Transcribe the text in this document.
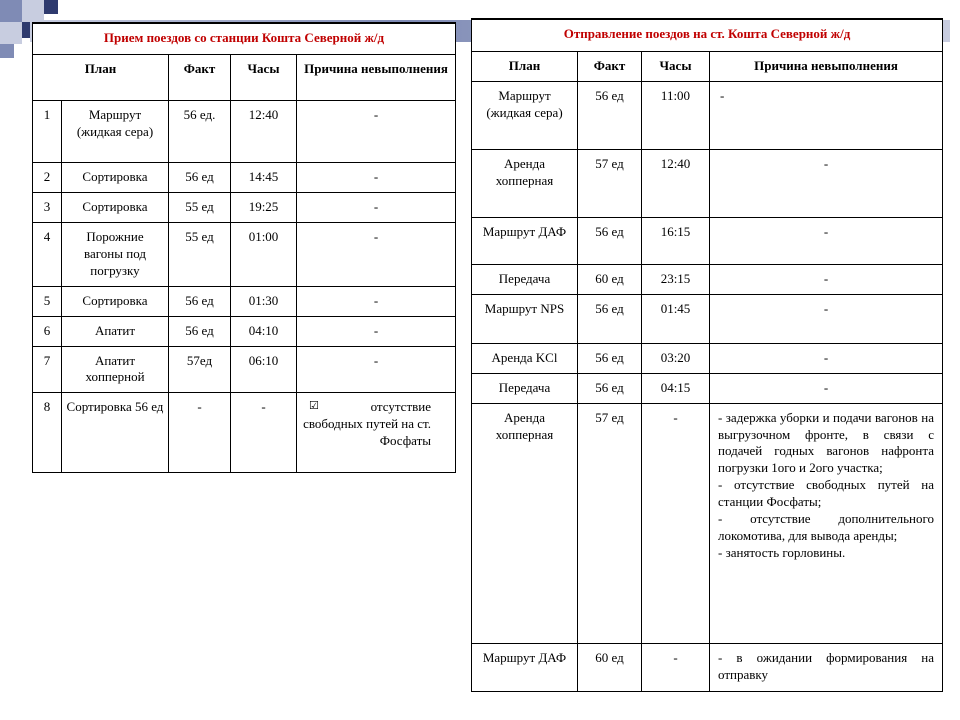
Прием поездов со станции Кошта Северной ж/д
План		Факт	Часы	Причина невыполнения
1	Маршрут (жидкая сера)	56 ед.	12:40	-
2	Сортировка	56 ед	14:45	-
3	Сортировка	55 ед	19:25	-
4	Порожние вагоны под погрузку	55 ед	01:00	-
5	Сортировка	56 ед	01:30	-
6	Апатит	56 ед	04:10	-
7	Апатит хопперной	57ед	06:10	-
8	Сортировка 56 ед	-	-	☑ отсутствие свободных путей на ст. Фосфаты
Отправление поездов на ст. Кошта Северной ж/д
План	Факт	Часы	Причина невыполнения
Маршрут (жидкая сера)	56 ед	11:00	-
Аренда хопперная	57 ед	12:40	-
Маршрут ДАФ	56 ед	16:15	-
Передача	60 ед	23:15	-
Маршрут NPS	56 ед	01:45	-
Аренда KCl	56 ед	03:20	-
Передача	56 ед	04:15	-
Аренда хопперная	57 ед	-	- задержка уборки и подачи вагонов на выгрузочном фронте, в связи с подачей годных вагонов нафронта погрузки 1ого и 2ого участка;

- отсутствие свободных путей на станции Фосфаты;

- отсутствие дополнительного локомотива, для вывода аренды;

- занятость горловины.

Маршрут ДАФ	60 ед	-	- в ожидании формирования на отправку
